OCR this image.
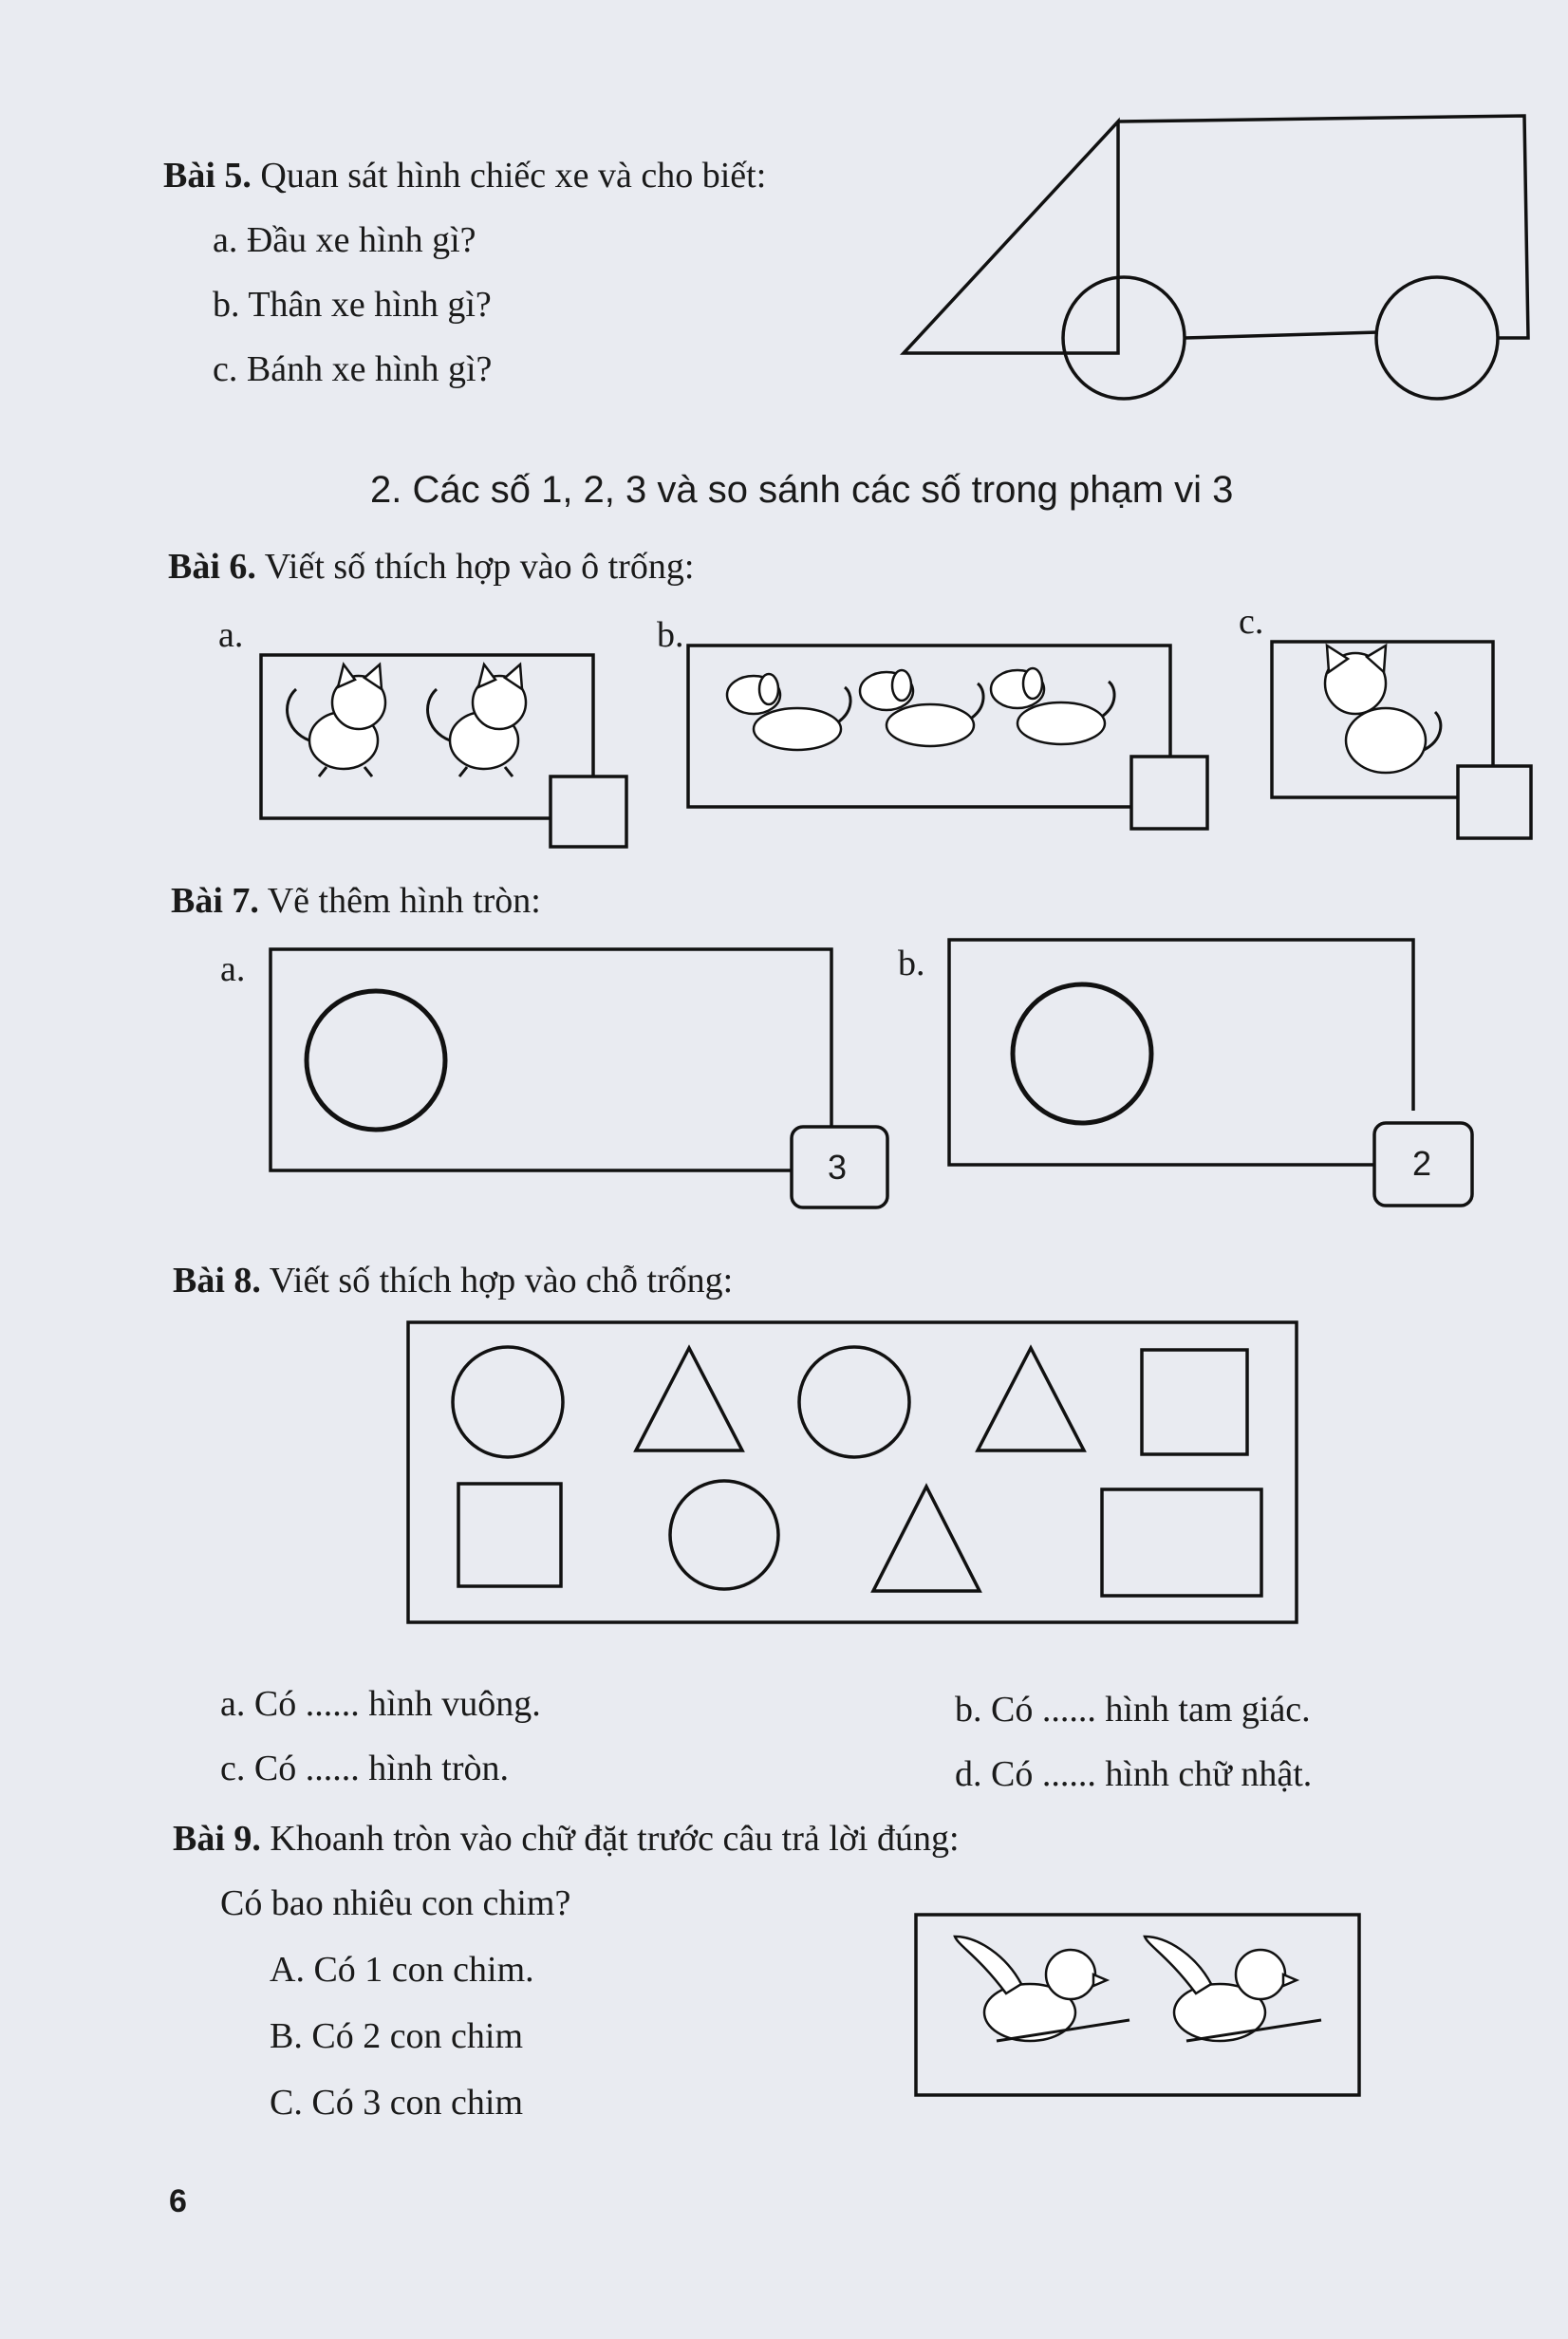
Bài 5. Quan sát hình chiếc xe và cho biết:
a. Đầu xe hình gì?
b. Thân xe hình gì?
c. Bánh xe hình gì?
2. Các số 1, 2, 3 và so sánh các số trong phạm vi 3
Bài 6. Viết số thích hợp vào ô trống:
a.	b.	c.
Bài 7. Vẽ thêm hình tròn:
a.	b.
3	2
Bài 8. Viết số thích hợp vào chỗ trống:
a. Có ...... hình vuông.	b. Có ...... hình tam giác.
c. Có ...... hình tròn.	d. Có ...... hình chữ nhật.
Bài 9. Khoanh tròn vào chữ đặt trước câu trả lời đúng:
Có bao nhiêu con chim?
A. Có 1 con chim.
B. Có 2 con chim
C. Có 3 con chim
6
